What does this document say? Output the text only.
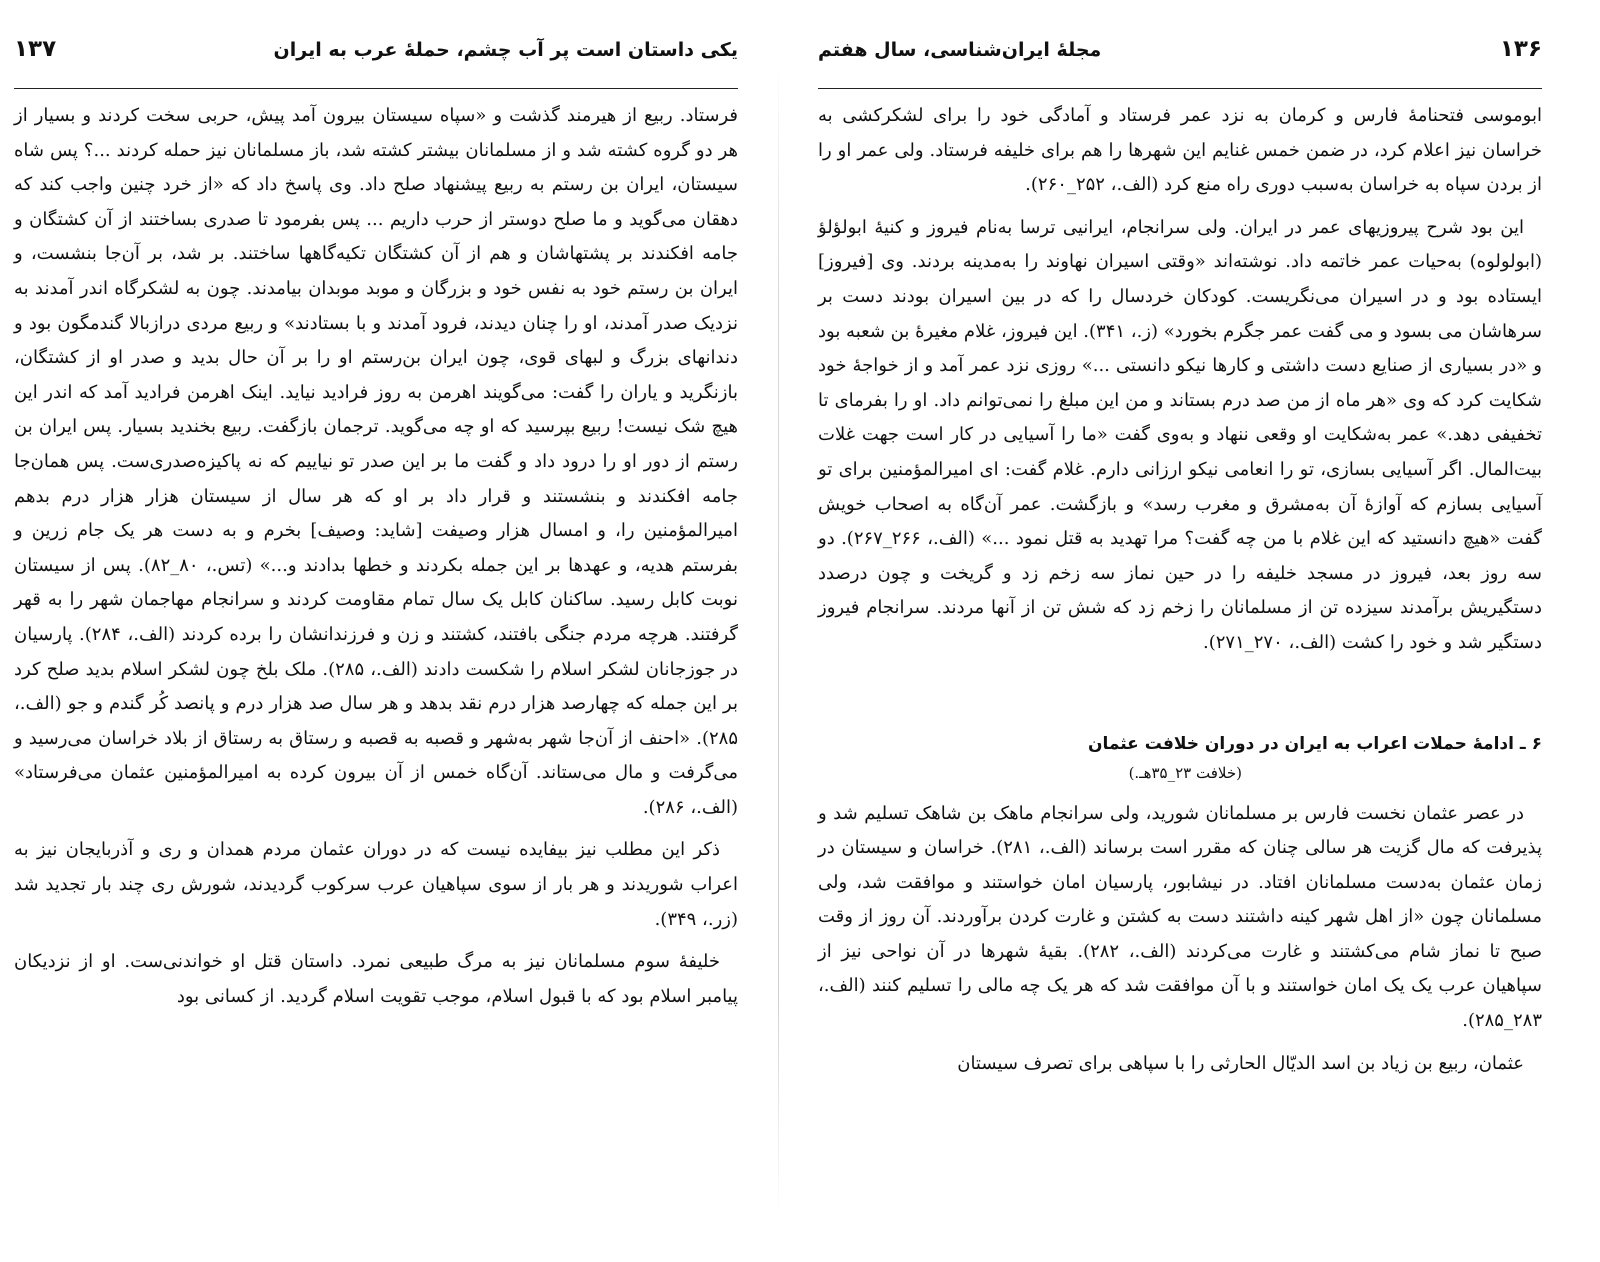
یکی داستان است پر آب چشم، حملهٔ عرب به ایران
۱۳۷

فرستاد. ربیع از هیرمند گذشت و «سپاه سیستان بیرون آمد پیش، حربی سخت کردند و بسیار از هر دو گروه کشته شد و از مسلمانان بیشتر کشته شد، باز مسلمانان نیز حمله کردند ...؟ پس شاه سیستان، ایران بن رستم به ربیع پیشنهاد صلح داد. وی پاسخ داد که «از خرد چنین واجب کند که دهقان می‌گوید و ما صلح دوستر از حرب داریم ... پس بفرمود تا صدری بساختند از آن کشتگان و جامه افکندند بر پشتهاشان و هم از آن کشتگان تکیه‌گاهها ساختند. بر شد، بر آن‌جا بنشست، و ایران بن رستم خود به نفس خود و بزرگان و موبد موبدان بیامدند. چون به لشکرگاه اندر آمدند به نزدیک صدر آمدند، او را چنان دیدند، فرود آمدند و با بستادند» و ربیع مردی درازبالا گندمگون بود و دندانهای بزرگ و لبهای قوی، چون ایران بن‌رستم او را بر آن حال بدید و صدر او از کشتگان، بازنگرید و یاران را گفت: می‌گویند اهرمن به روز فرادید نیاید. اینک اهرمن فرادید آمد که اندر این هیچ شک نیست! ربیع بپرسید که او چه می‌گوید. ترجمان بازگفت. ربیع بخندید بسیار. پس ایران بن رستم از دور او را درود داد و گفت ما بر این صدر تو نیاییم که نه پاکیزه‌صدری‌ست. پس همان‌جا جامه افکندند و بنشستند و قرار داد بر او که هر سال از سیستان هزار هزار درم بدهم امیرالمؤمنین را، و امسال هزار وصیفت [شاید: وصیف] بخرم و به دست هر یک جام زرین و بفرستم هدیه، و عهدها بر این جمله بکردند و خطها بدادند و...» (تس.، ۸۰_۸۲). پس از سیستان نوبت کابل رسید. ساکنان کابل یک سال تمام مقاومت کردند و سرانجام مهاجمان شهر را به قهر گرفتند. هرچه مردم جنگی بافتند، کشتند و زن و فرزندانشان را برده کردند (الف.، ۲۸۴). پارسیان در جوزجانان لشکر اسلام را شکست دادند (الف.، ۲۸۵). ملک بلخ چون لشکر اسلام بدید صلح کرد بر این جمله که چهارصد هزار درم نقد بدهد و هر سال صد هزار درم و پانصد کُر گندم و جو (الف.، ۲۸۵). «احنف از آن‌جا شهر به‌شهر و قصبه به قصبه و رستاق به رستاق از بلاد خراسان می‌رسید و می‌گرفت و مال می‌ستاند. آن‌گاه خمس از آن بیرون کرده به امیرالمؤمنین عثمان می‌فرستاد» (الف.، ۲۸۶).

ذکر این مطلب نیز بیفایده نیست که در دوران عثمان مردم همدان و ری و آذربایجان نیز به اعراب شوریدند و هر بار از سوی سپاهیان عرب سرکوب گردیدند، شورش ری چند بار تجدید شد (زر.، ۳۴۹).

خلیفهٔ سوم مسلمانان نیز به مرگ طبیعی نمرد. داستان قتل او خواندنی‌ست. او از نزدیکان پیامبر اسلام بود که با قبول اسلام، موجب تقویت اسلام گردید. از کسانی بود

۱۳۶
مجلهٔ ایران‌شناسی، سال هفتم

ابوموسی فتحنامهٔ فارس و کرمان به نزد عمر فرستاد و آمادگی خود را برای لشکرکشی به خراسان نیز اعلام کرد، در ضمن خمس غنایم این شهرها را هم برای خلیفه فرستاد. ولی عمر او را از بردن سپاه به خراسان به‌سبب دوری راه منع کرد (الف.، ۲۵۲_۲۶۰).

این بود شرح پیروزیهای عمر در ایران. ولی سرانجام، ایرانیی ترسا به‌نام فیروز و کنیهٔ ابولؤلؤ (ابولولوه) به‌حیات عمر خاتمه داد. نوشته‌اند «وقتی اسیران نهاوند را به‌مدینه بردند. وی [فیروز] ایستاده بود و در اسیران می‌نگریست. کودکان خردسال را که در بین اسیران بودند دست بر سرهاشان می بسود و می گفت عمر جگرم بخورد» (ز.، ۳۴۱). این فیروز، غلام مغیرهٔ بن شعبه بود و «در بسیاری از صنایع دست داشتی و کارها نیکو دانستی ...» روزی نزد عمر آمد و از خواجهٔ خود شکایت کرد که وی «هر ماه از من صد درم بستاند و من این مبلغ را نمی‌توانم داد. او را بفرمای تا تخفیفی دهد.» عمر به‌شکایت او وقعی ننهاد و به‌وی گفت «ما را آسیایی در کار است جهت غلات بیت‌المال. اگر آسیایی بسازی، تو را انعامی نیکو ارزانی دارم. غلام گفت: ای امیرالمؤمنین برای تو آسیایی بسازم که آوازهٔ آن به‌مشرق و مغرب رسد» و بازگشت. عمر آن‌گاه به اصحاب خویش گفت «هیچ دانستید که این غلام با من چه گفت؟ مرا تهدید به قتل نمود ...» (الف.، ۲۶۶_۲۶۷). دو سه روز بعد، فیروز در مسجد خلیفه را در حین نماز سه زخم زد و گریخت و چون درصدد دستگیریش برآمدند سیزده تن از مسلمانان را زخم زد که شش تن از آنها مردند. سرانجام فیروز دستگیر شد و خود را کشت (الف.، ۲۷۰_۲۷۱).

۶ ـ ادامهٔ حملات اعراب به ایران در دوران خلافت عثمان
(خلافت ۲۳_۳۵هـ.)

در عصر عثمان نخست فارس بر مسلمانان شورید، ولی سرانجام ماهک بن شاهک تسلیم شد و پذیرفت که مال گزیت هر سالی چنان که مقرر است برساند (الف.، ۲۸۱). خراسان و سیستان در زمان عثمان به‌دست مسلمانان افتاد. در نیشابور، پارسیان امان خواستند و موافقت شد، ولی مسلمانان چون «از اهل شهر کینه داشتند دست به کشتن و غارت کردن برآوردند. آن روز از وقت صبح تا نماز شام می‌کشتند و غارت می‌کردند (الف.، ۲۸۲). بقیهٔ شهرها در آن نواحی نیز از سپاهیان عرب یک یک امان خواستند و با آن موافقت شد که هر یک چه مالی را تسلیم کنند (الف.، ۲۸۳_۲۸۵).

عثمان، ربیع بن زیاد بن اسد الدیّال الحارثی را با سپاهی برای تصرف سیستان
